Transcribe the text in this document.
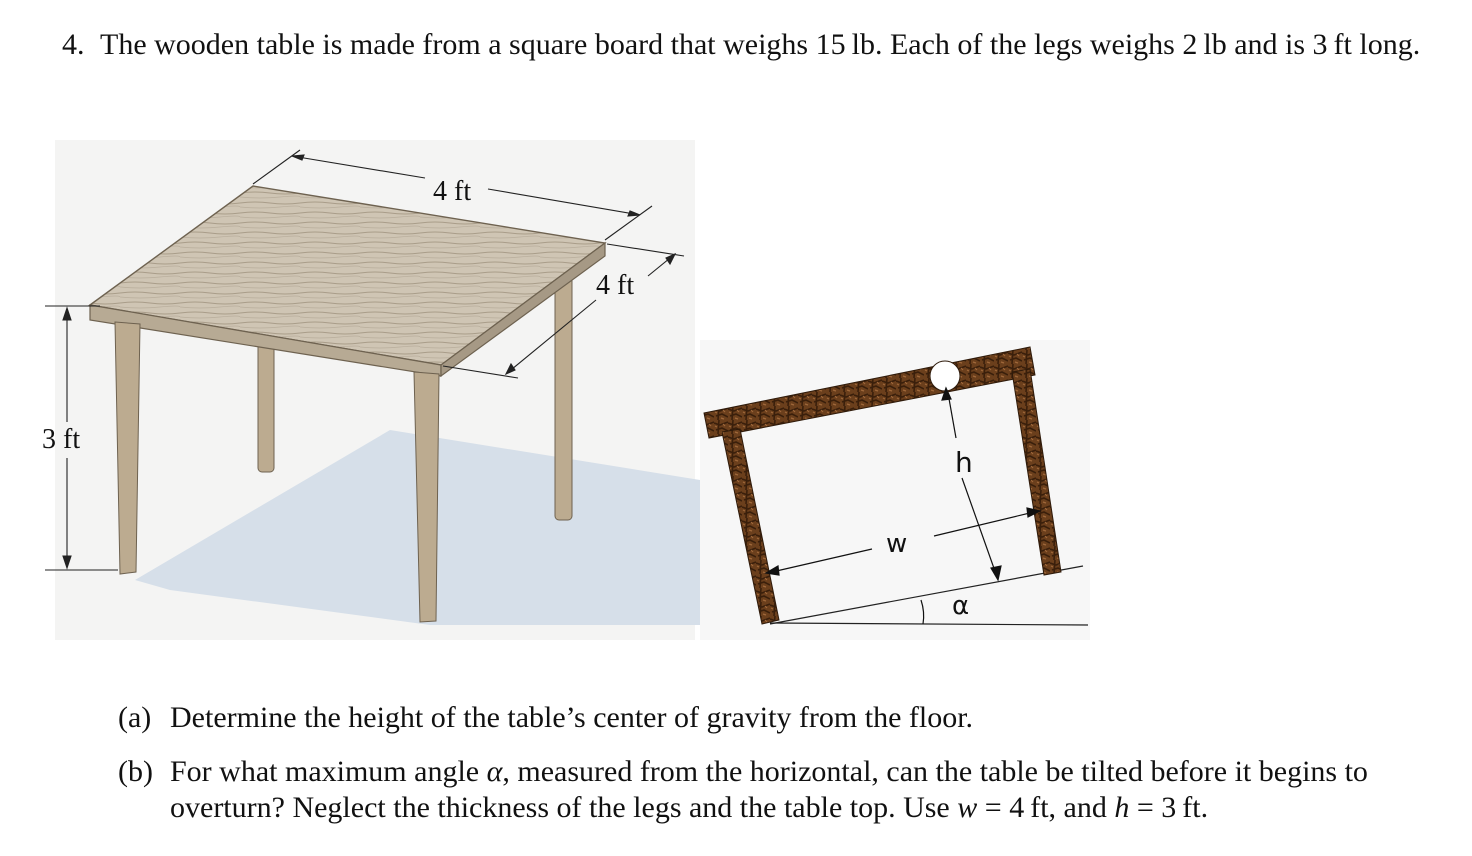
4. The wooden table is made from a square board that weighs 15 lb. Each of the legs weighs 2 lb and is 3 ft long.
4 ft
4 ft
3 ft
h
w
α
(a) Determine the height of the table’s center of gravity from the floor.
(b) For what maximum angle α, measured from the horizontal, can the table be tilted before it begins to overturn? Neglect the thickness of the legs and the table top. Use w = 4 ft, and h = 3 ft.
